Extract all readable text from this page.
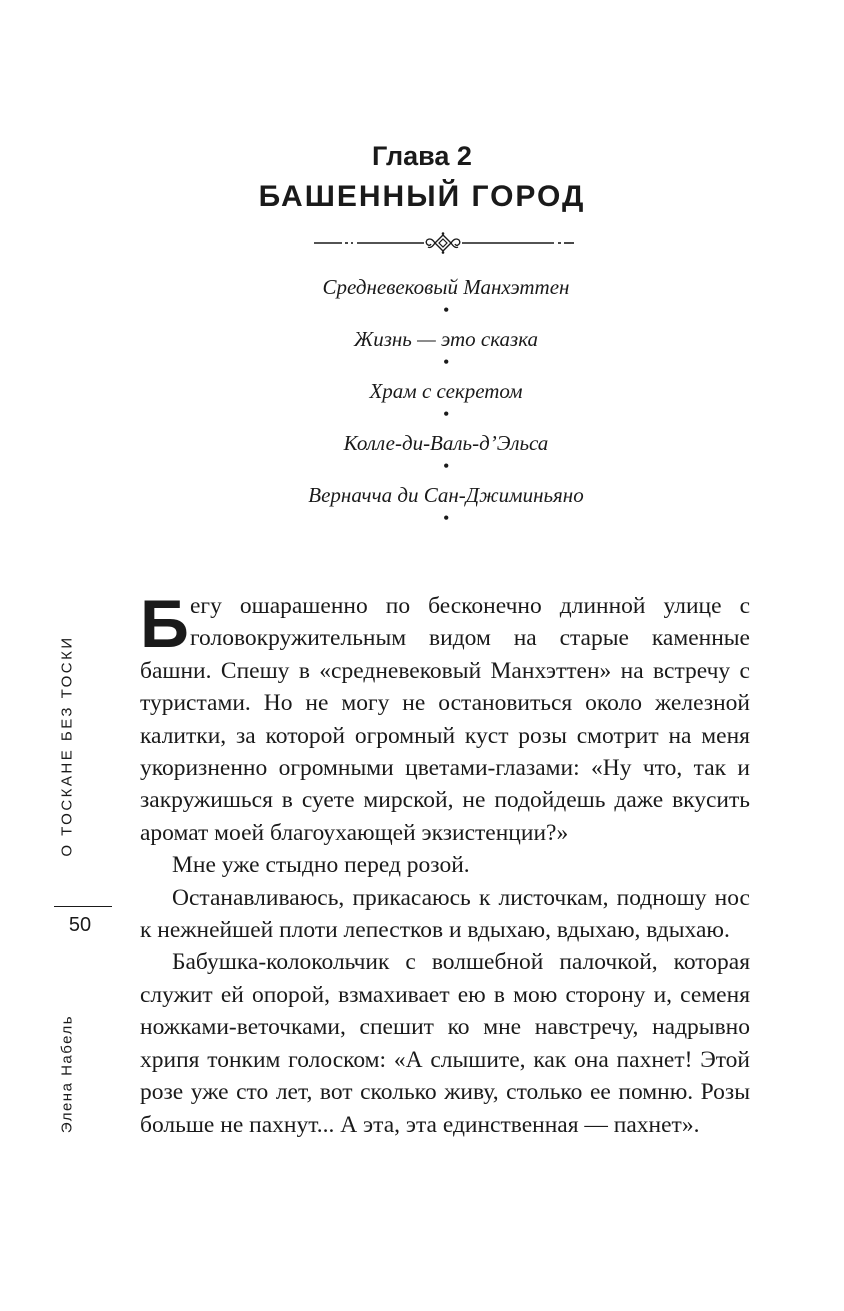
Глава 2
БАШЕННЫЙ ГОРОД
Средневековый Манхэттен
•
Жизнь — это сказка
•
Храм с секретом
•
Колле-ди-Валь-д’Эльса
•
Верначча ди Сан-Джиминьяно
•
О ТОСКАНЕ БЕЗ ТОСКИ
50
Элена Набель

Бегу ошарашенно по бесконечно длинной улице с головокружительным видом на старые каменные башни. Спешу в «средневековый Манхэттен» на встречу с туристами. Но не могу не остановиться около железной калитки, за которой огромный куст розы смотрит на меня укоризненно огромными цветами-глазами: «Ну что, так и закружишься в суете мирской, не подойдешь даже вкусить аромат моей благоухающей экзистенции?»

Мне уже стыдно перед розой.

Останавливаюсь, прикасаюсь к листочкам, подношу нос к нежнейшей плоти лепестков и вдыхаю, вдыхаю, вдыхаю.

Бабушка-колокольчик с волшебной палочкой, которая служит ей опорой, взмахивает ею в мою сторону и, семеня ножками-веточками, спешит ко мне навстречу, надрывно хрипя тонким голоском: «А слышите, как она пахнет! Этой розе уже сто лет, вот сколько живу, столько ее помню. Розы больше не пахнут... А эта, эта единственная — пахнет».
